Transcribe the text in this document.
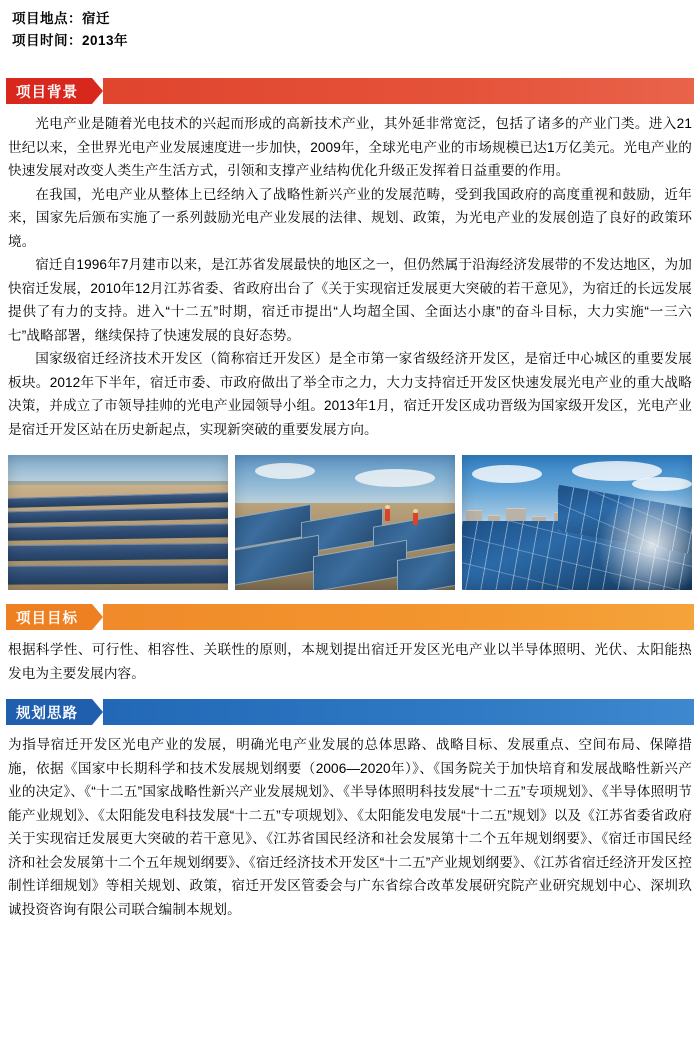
项目地点：宿迁
项目时间：2013年
项目背景

光电产业是随着光电技术的兴起而形成的高新技术产业，其外延非常宽泛，包括了诸多的产业门类。进入21世纪以来，全世界光电产业发展速度进一步加快，2009年，全球光电产业的市场规模已达1万亿美元。光电产业的快速发展对改变人类生产生活方式，引领和支撑产业结构优化升级正发挥着日益重要的作用。

在我国，光电产业从整体上已经纳入了战略性新兴产业的发展范畴，受到我国政府的高度重视和鼓励，近年来，国家先后颁布实施了一系列鼓励光电产业发展的法律、规划、政策，为光电产业的发展创造了良好的政策环境。

宿迁自1996年7月建市以来，是江苏省发展最快的地区之一，但仍然属于沿海经济发展带的不发达地区，为加快宿迁发展，2010年12月江苏省委、省政府出台了《关于实现宿迁发展更大突破的若干意见》，为宿迁的长远发展提供了有力的支持。进入“十二五”时期，宿迁市提出“人均超全国、全面达小康”的奋斗目标，大力实施“一三六七”战略部署，继续保持了快速发展的良好态势。

国家级宿迁经济技术开发区（简称宿迁开发区）是全市第一家省级经济开发区，是宿迁中心城区的重要发展板块。2012年下半年，宿迁市委、市政府做出了举全市之力，大力支持宿迁开发区快速发展光电产业的重大战略决策，并成立了市领导挂帅的光电产业园领导小组。2013年1月，宿迁开发区成功晋级为国家级开发区，光电产业是宿迁开发区站在历史新起点，实现新突破的重要发展方向。

项目目标

根据科学性、可行性、相容性、关联性的原则，本规划提出宿迁开发区光电产业以半导体照明、光伏、太阳能热发电为主要发展内容。

规划思路

为指导宿迁开发区光电产业的发展，明确光电产业发展的总体思路、战略目标、发展重点、空间布局、保障措施，依据《国家中长期科学和技术发展规划纲要（2006—2020年）》、《国务院关于加快培育和发展战略性新兴产业的决定》、《“十二五”国家战略性新兴产业发展规划》、《半导体照明科技发展“十二五”专项规划》、《半导体照明节能产业规划》、《太阳能发电科技发展“十二五”专项规划》、《太阳能发电发展“十二五”规划》以及《江苏省委省政府关于实现宿迁发展更大突破的若干意见》、《江苏省国民经济和社会发展第十二个五年规划纲要》、《宿迁市国民经济和社会发展第十二个五年规划纲要》、《宿迁经济技术开发区“十二五”产业规划纲要》、《江苏省宿迁经济开发区控制性详细规划》等相关规划、政策，宿迁开发区管委会与广东省综合改革发展研究院产业研究规划中心、深圳玖诚投资咨询有限公司联合编制本规划。
